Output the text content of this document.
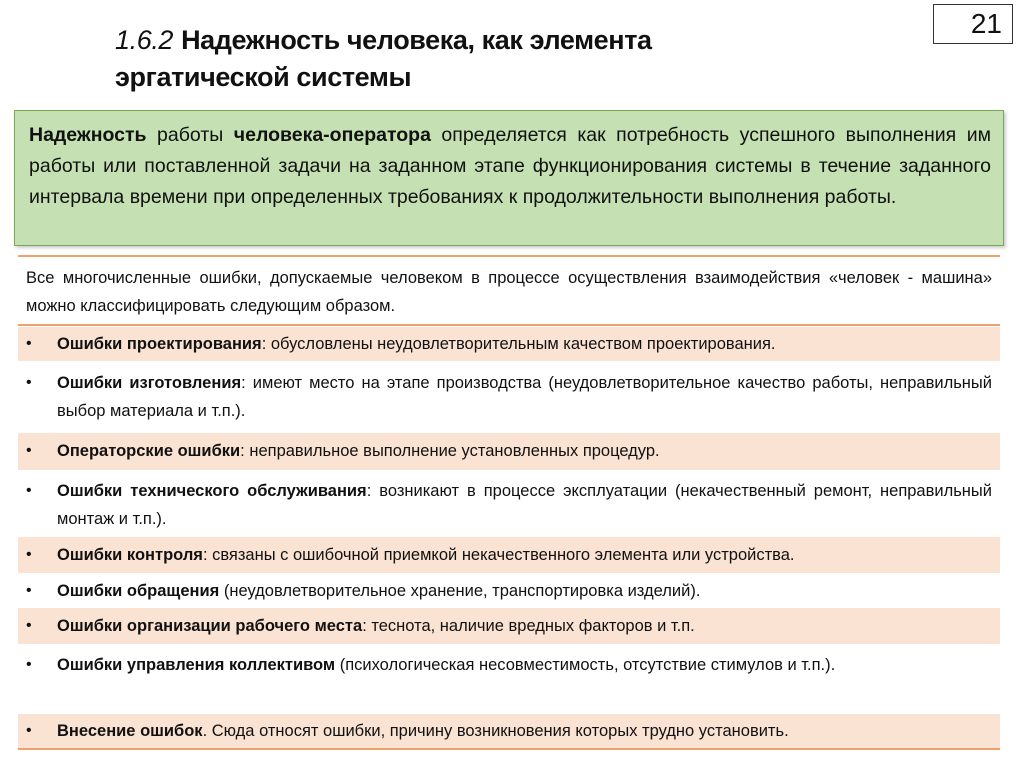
1.6.2 Надежность человека, как элемента
эргатической системы
21
Надежность работы человека-оператора определяется как потребность успешного выполнения им работы или поставленной задачи на заданном этапе функционирования системы в течение заданного интервала времени при определенных требованиях к продолжительности выполнения работы.
Все многочисленные ошибки, допускаемые человеком в процессе осуществления взаимодействия «человек - машина» можно классифицировать следующим образом.
• Ошибки проектирования: обусловлены неудовлетворительным качеством проектирования.
• Ошибки изготовления: имеют место на этапе производства (неудовлетворительное качество работы, неправильный выбор материала и т.п.).
• Операторские ошибки: неправильное выполнение установленных процедур.
• Ошибки технического обслуживания: возникают в процессе эксплуатации (некачественный ремонт, неправильный монтаж и т.п.).
• Ошибки контроля: связаны с ошибочной приемкой некачественного элемента или устройства.
• Ошибки обращения (неудовлетворительное хранение, транспортировка изделий).
• Ошибки организации рабочего места: теснота, наличие вредных факторов и т.п.
• Ошибки управления коллективом (психологическая несовместимость, отсутствие стимулов и т.п.).
• Внесение ошибок. Сюда относят ошибки, причину возникновения которых трудно установить.
